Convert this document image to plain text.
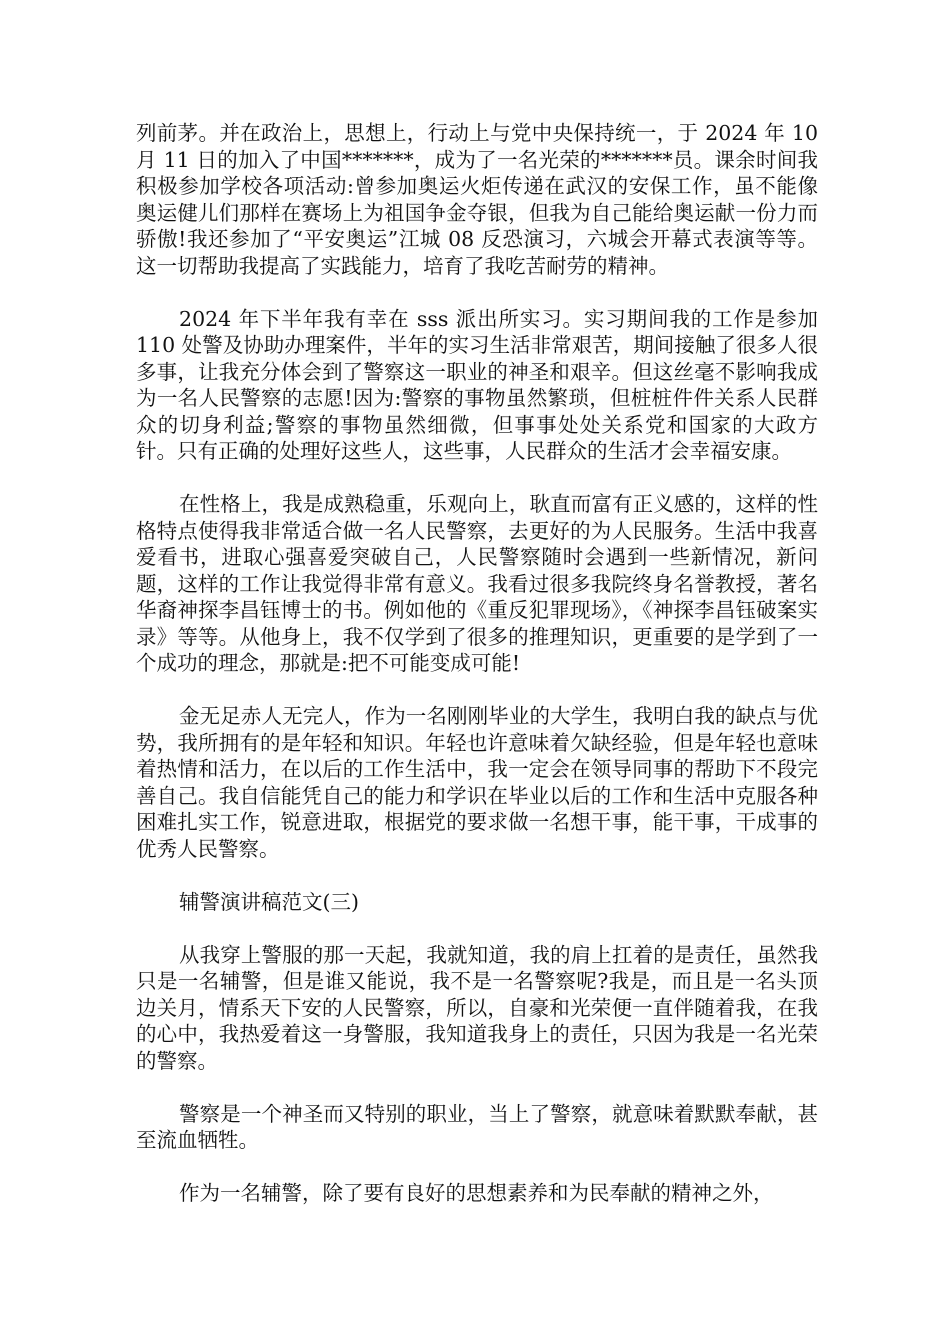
列前茅。并在政治上，思想上，行动上与党中央保持统一，于 2024 年 10 月 11 日的加入了中国*******，成为了一名光荣的*******员。课余时间我积极参加学校各项活动:曾参加奥运火炬传递在武汉的安保工作，虽不能像奥运健儿们那样在赛场上为祖国争金夺银，但我为自己能给奥运献一份力而骄傲!我还参加了“平安奥运”江城 08 反恐演习，六城会开幕式表演等等。这一切帮助我提高了实践能力，培育了我吃苦耐劳的精神。

2024 年下半年我有幸在 sss 派出所实习。实习期间我的工作是参加 110 处警及协助办理案件，半年的实习生活非常艰苦，期间接触了很多人很多事，让我充分体会到了警察这一职业的神圣和艰辛。但这丝毫不影响我成为一名人民警察的志愿!因为:警察的事物虽然繁琐，但桩桩件件关系人民群众的切身利益;警察的事物虽然细微，但事事处处关系党和国家的大政方针。只有正确的处理好这些人，这些事，人民群众的生活才会幸福安康。

在性格上，我是成熟稳重，乐观向上，耿直而富有正义感的，这样的性格特点使得我非常适合做一名人民警察，去更好的为人民服务。生活中我喜爱看书，进取心强喜爱突破自己，人民警察随时会遇到一些新情况，新问题，这样的工作让我觉得非常有意义。我看过很多我院终身名誉教授，著名华裔神探李昌钰博士的书。例如他的《重反犯罪现场》，《神探李昌钰破案实录》等等。从他身上，我不仅学到了很多的推理知识，更重要的是学到了一个成功的理念，那就是:把不可能变成可能!

金无足赤人无完人，作为一名刚刚毕业的大学生，我明白我的缺点与优势，我所拥有的是年轻和知识。年轻也许意味着欠缺经验，但是年轻也意味着热情和活力，在以后的工作生活中，我一定会在领导同事的帮助下不段完善自己。我自信能凭自己的能力和学识在毕业以后的工作和生活中克服各种困难扎实工作，锐意进取，根据党的要求做一名想干事，能干事，干成事的优秀人民警察。

辅警演讲稿范文(三)

从我穿上警服的那一天起，我就知道，我的肩上扛着的是责任，虽然我只是一名辅警，但是谁又能说，我不是一名警察呢?我是，而且是一名头顶边关月，情系天下安的人民警察，所以，自豪和光荣便一直伴随着我，在我的心中，我热爱着这一身警服，我知道我身上的责任，只因为我是一名光荣的警察。

警察是一个神圣而又特别的职业，当上了警察，就意味着默默奉献，甚至流血牺牲。

作为一名辅警，除了要有良好的思想素养和为民奉献的精神之外，
